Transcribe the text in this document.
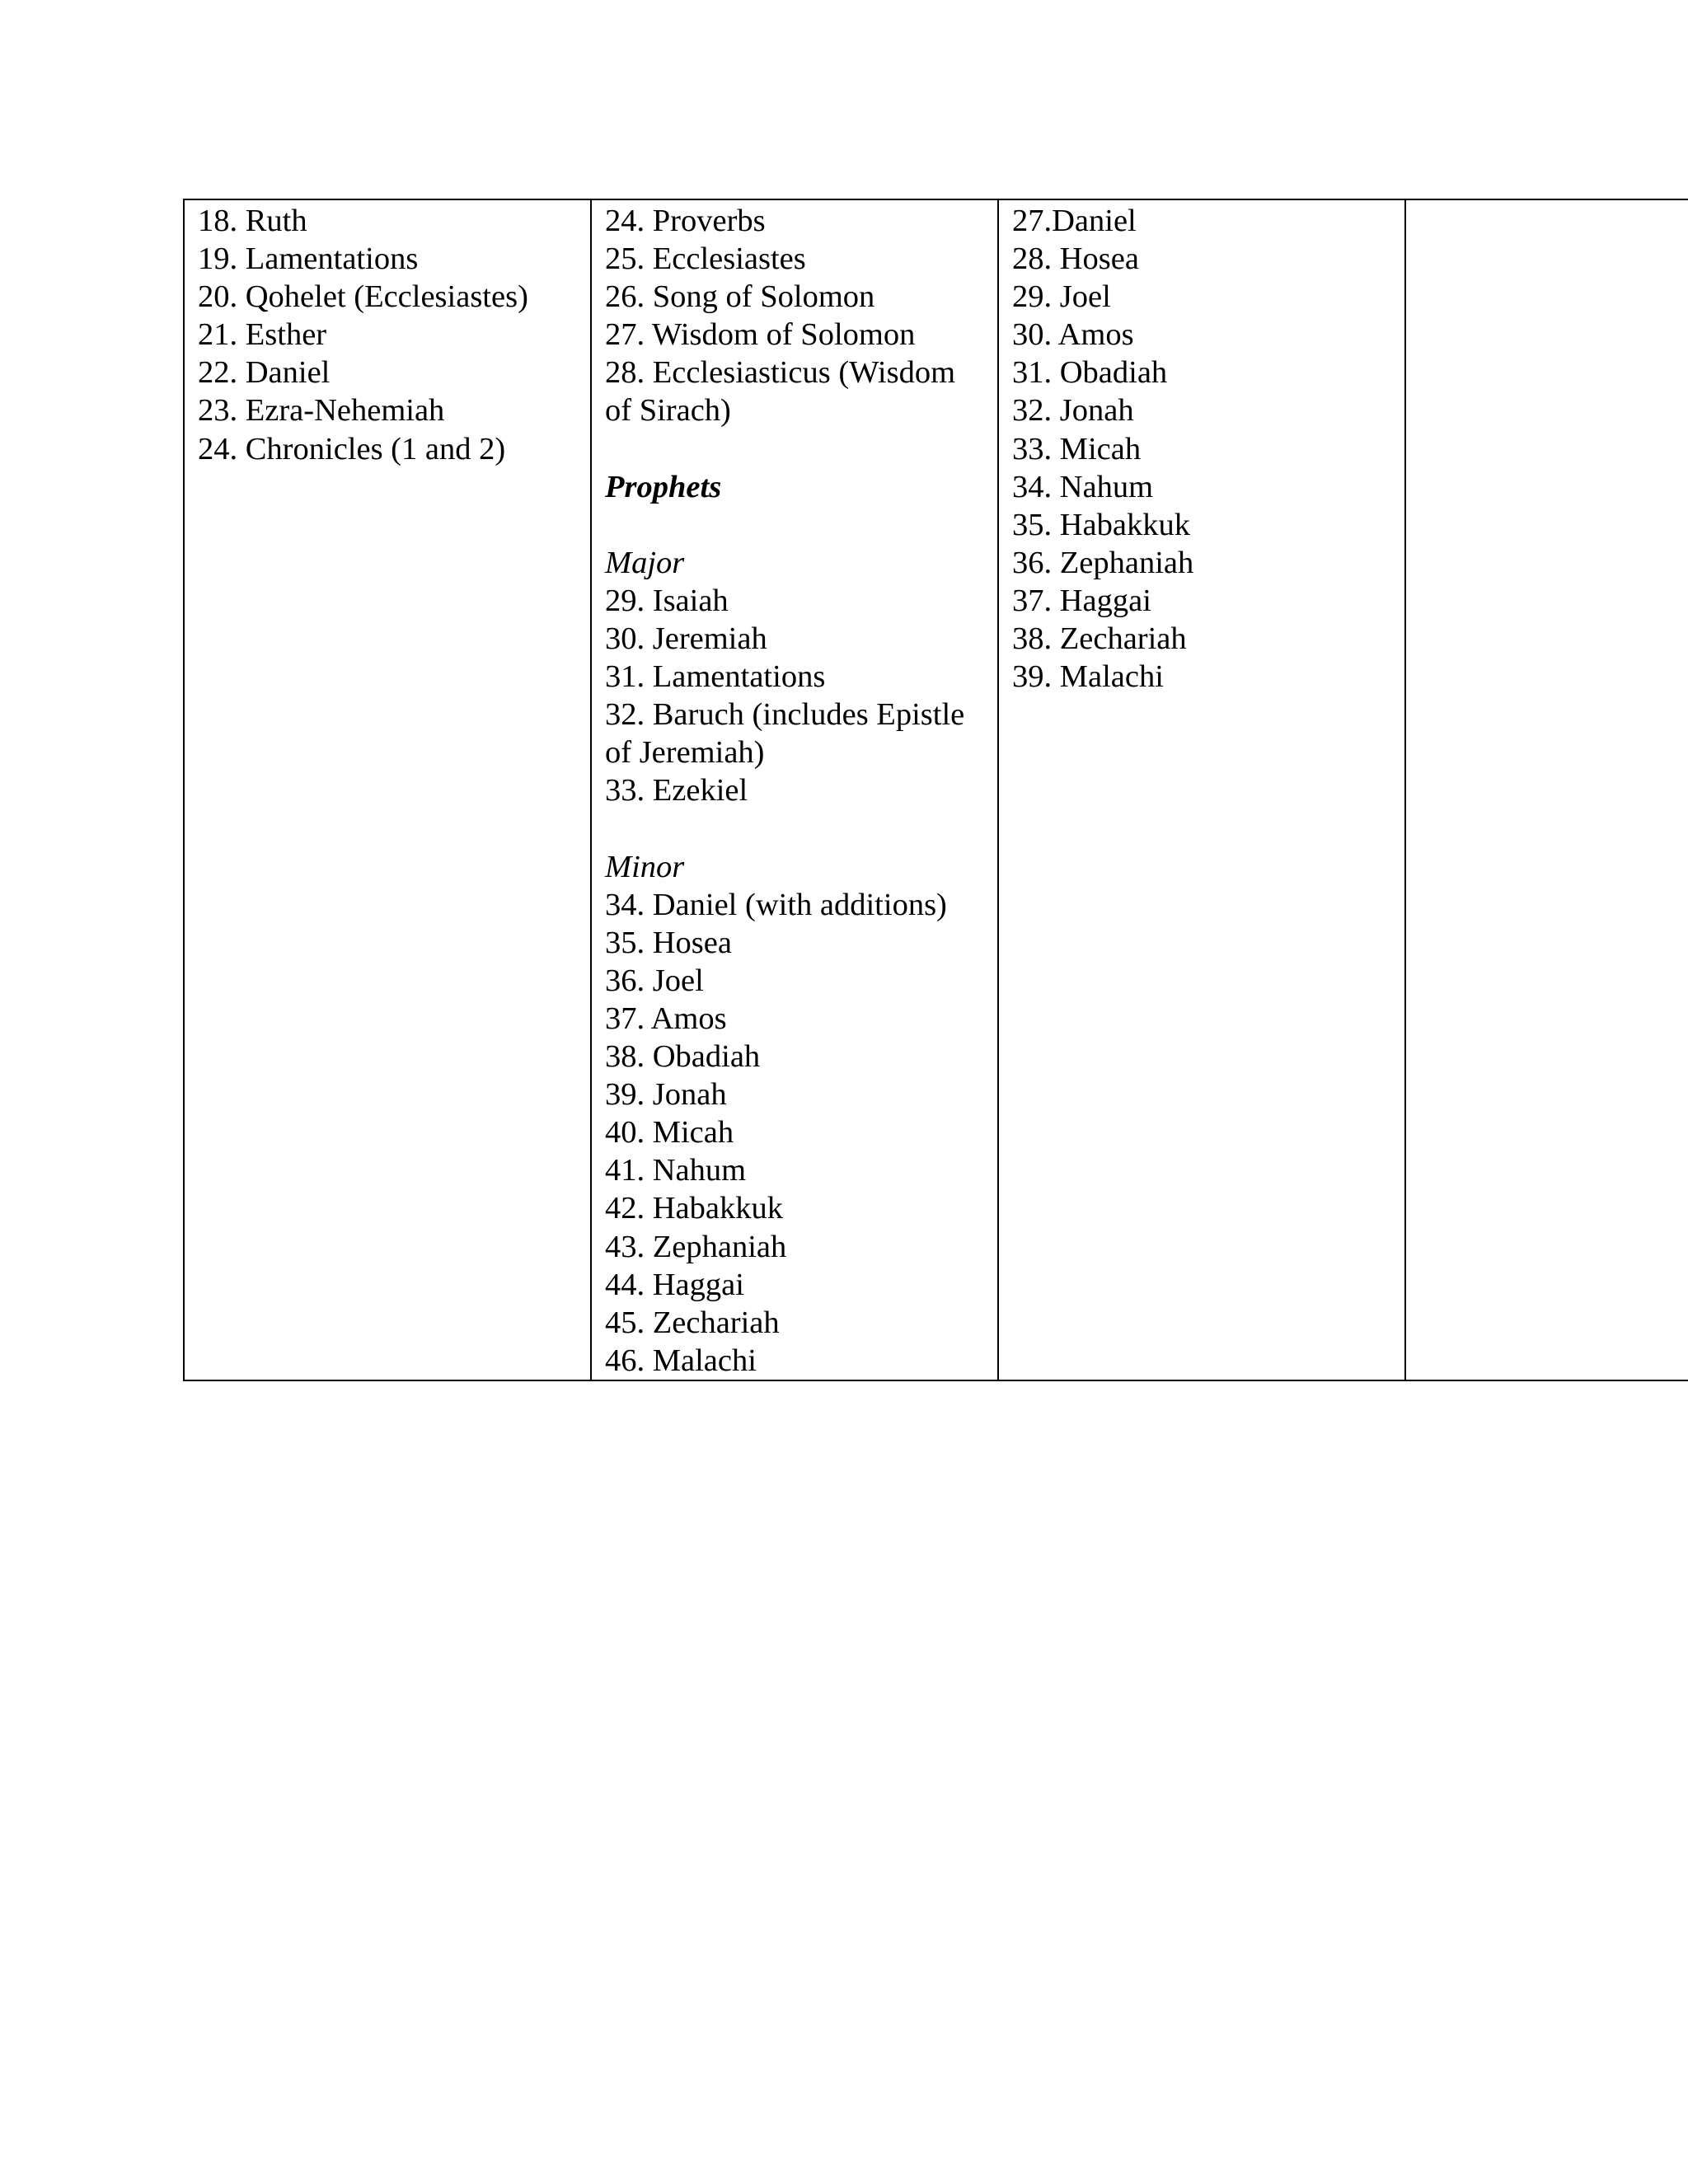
18. Ruth
19. Lamentations
20. Qohelet (Ecclesiastes)
21. Esther
22. Daniel
23. Ezra-Nehemiah
24. Chronicles (1 and 2)

24. Proverbs
25. Ecclesiastes
26. Song of Solomon
27. Wisdom of Solomon
28. Ecclesiasticus (Wisdom of Sirach)
Prophets
Major
29. Isaiah
30. Jeremiah
31. Lamentations
32. Baruch (includes Epistle of Jeremiah)
33. Ezekiel
Minor
34. Daniel (with additions)
35. Hosea
36. Joel
37. Amos
38. Obadiah
39. Jonah
40. Micah
41. Nahum
42. Habakkuk
43. Zephaniah
44. Haggai
45. Zechariah
46. Malachi

27.Daniel
28. Hosea
29. Joel
30. Amos
31. Obadiah
32. Jonah
33. Micah
34. Nahum
35. Habakkuk
36. Zephaniah
37. Haggai
38. Zechariah
39. Malachi
